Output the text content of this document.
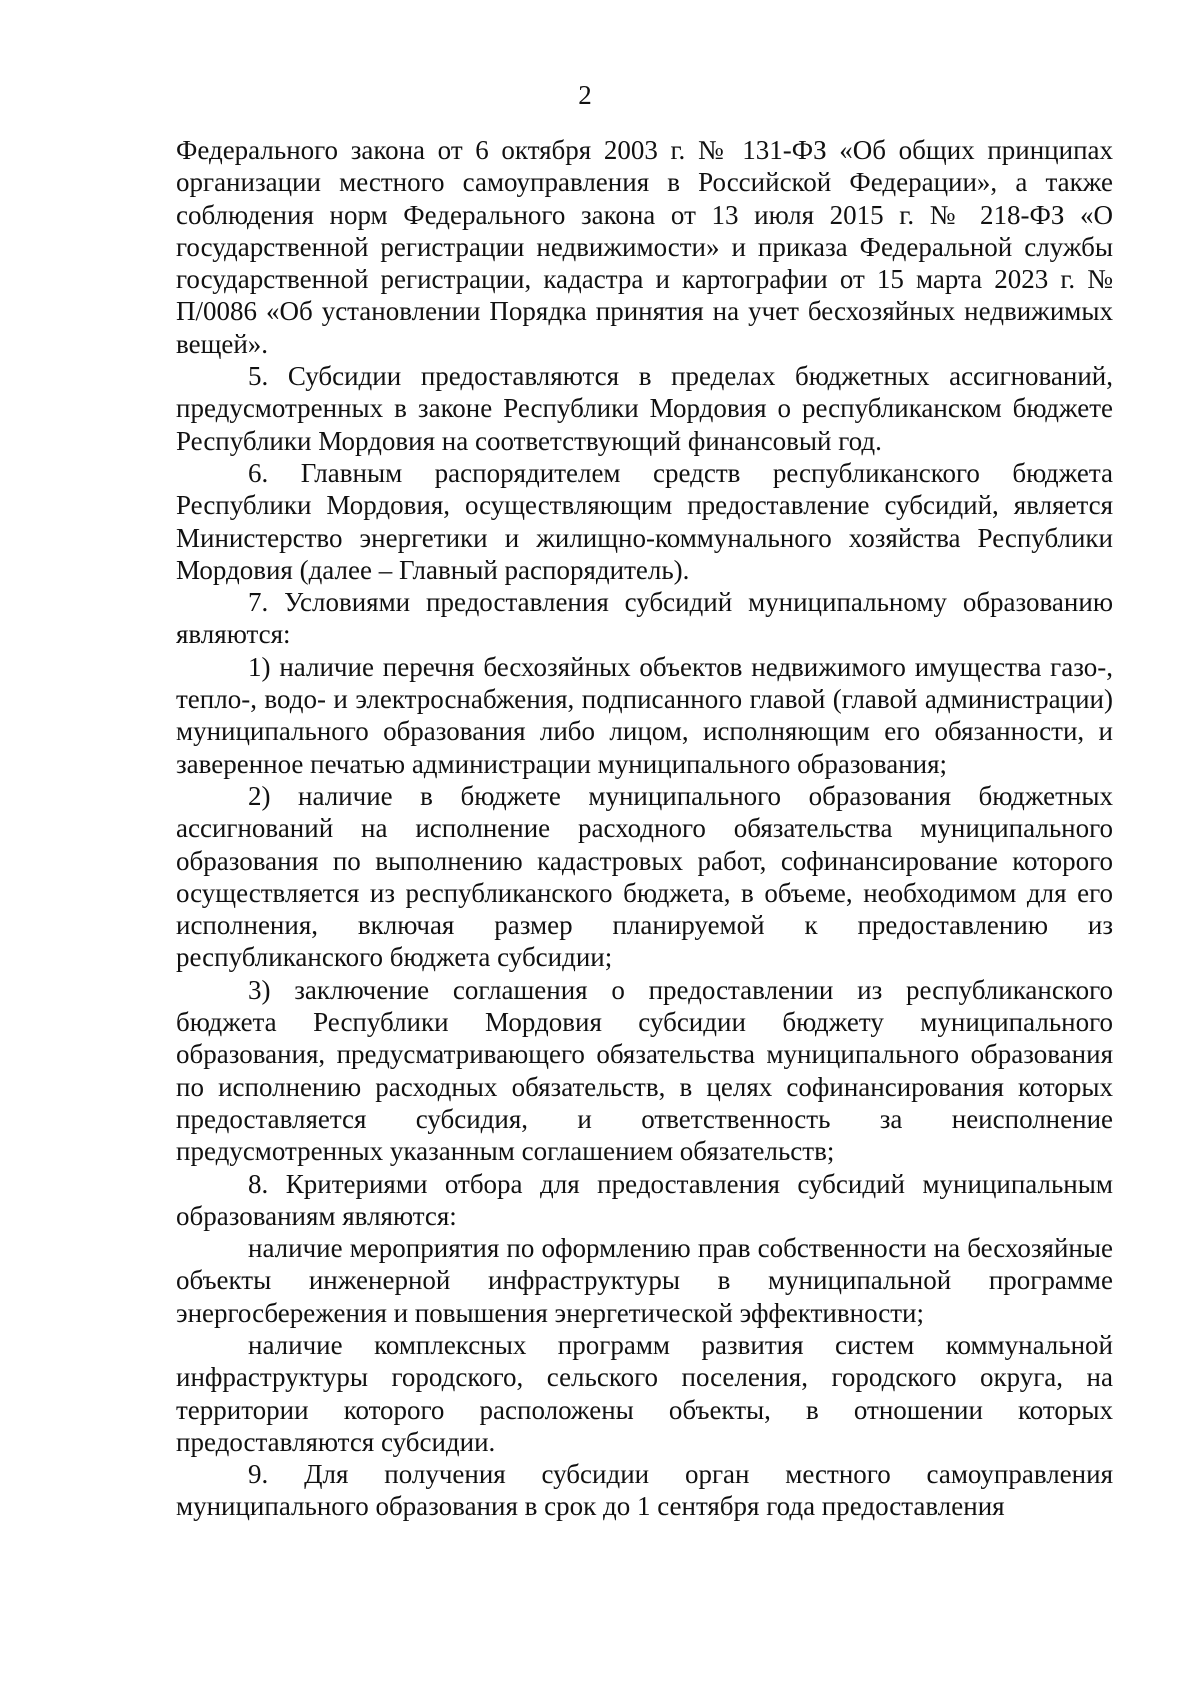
2

Федерального закона от 6 октября 2003 г. № 131-ФЗ «Об общих принципах организации местного самоуправления в Российской Федерации», а также соблюдения норм Федерального закона от 13 июля 2015 г. № 218-ФЗ «О государственной регистрации недвижимости» и приказа Федеральной службы государственной регистрации, кадастра и картографии от 15 марта 2023 г. № П/0086 «Об установлении Порядка принятия на учет бесхозяйных недвижимых вещей».

5. Субсидии предоставляются в пределах бюджетных ассигнований, предусмотренных в законе Республики Мордовия о республиканском бюджете Республики Мордовия на соответствующий финансовый год.

6. Главным распорядителем средств республиканского бюджета Республики Мордовия, осуществляющим предоставление субсидий, является Министерство энергетики и жилищно-коммунального хозяйства Республики Мордовия (далее – Главный распорядитель).

7. Условиями предоставления субсидий муниципальному образованию являются:

1) наличие перечня бесхозяйных объектов недвижимого имущества газо-, тепло-, водо- и электроснабжения, подписанного главой (главой администрации) муниципального образования либо лицом, исполняющим его обязанности, и заверенное печатью администрации муниципального образования;

2) наличие в бюджете муниципального образования бюджетных ассигнований на исполнение расходного обязательства муниципального образования по выполнению кадастровых работ, софинансирование которого осуществляется из республиканского бюджета, в объеме, необходимом для его исполнения, включая размер планируемой к предоставлению из республиканского бюджета субсидии;

3) заключение соглашения о предоставлении из республиканского бюджета Республики Мордовия субсидии бюджету муниципального образования, предусматривающего обязательства муниципального образования по исполнению расходных обязательств, в целях софинансирования которых предоставляется субсидия, и ответственность за неисполнение предусмотренных указанным соглашением обязательств;

8. Критериями отбора для предоставления субсидий муниципальным образованиям являются:

наличие мероприятия по оформлению прав собственности на бесхозяйные объекты инженерной инфраструктуры в муниципальной программе энергосбережения и повышения энергетической эффективности;

наличие комплексных программ развития систем коммунальной инфраструктуры городского, сельского поселения, городского округа, на территории которого расположены объекты, в отношении которых предоставляются субсидии.

9. Для получения субсидии орган местного самоуправления муниципального образования в срок до 1 сентября года предоставления
